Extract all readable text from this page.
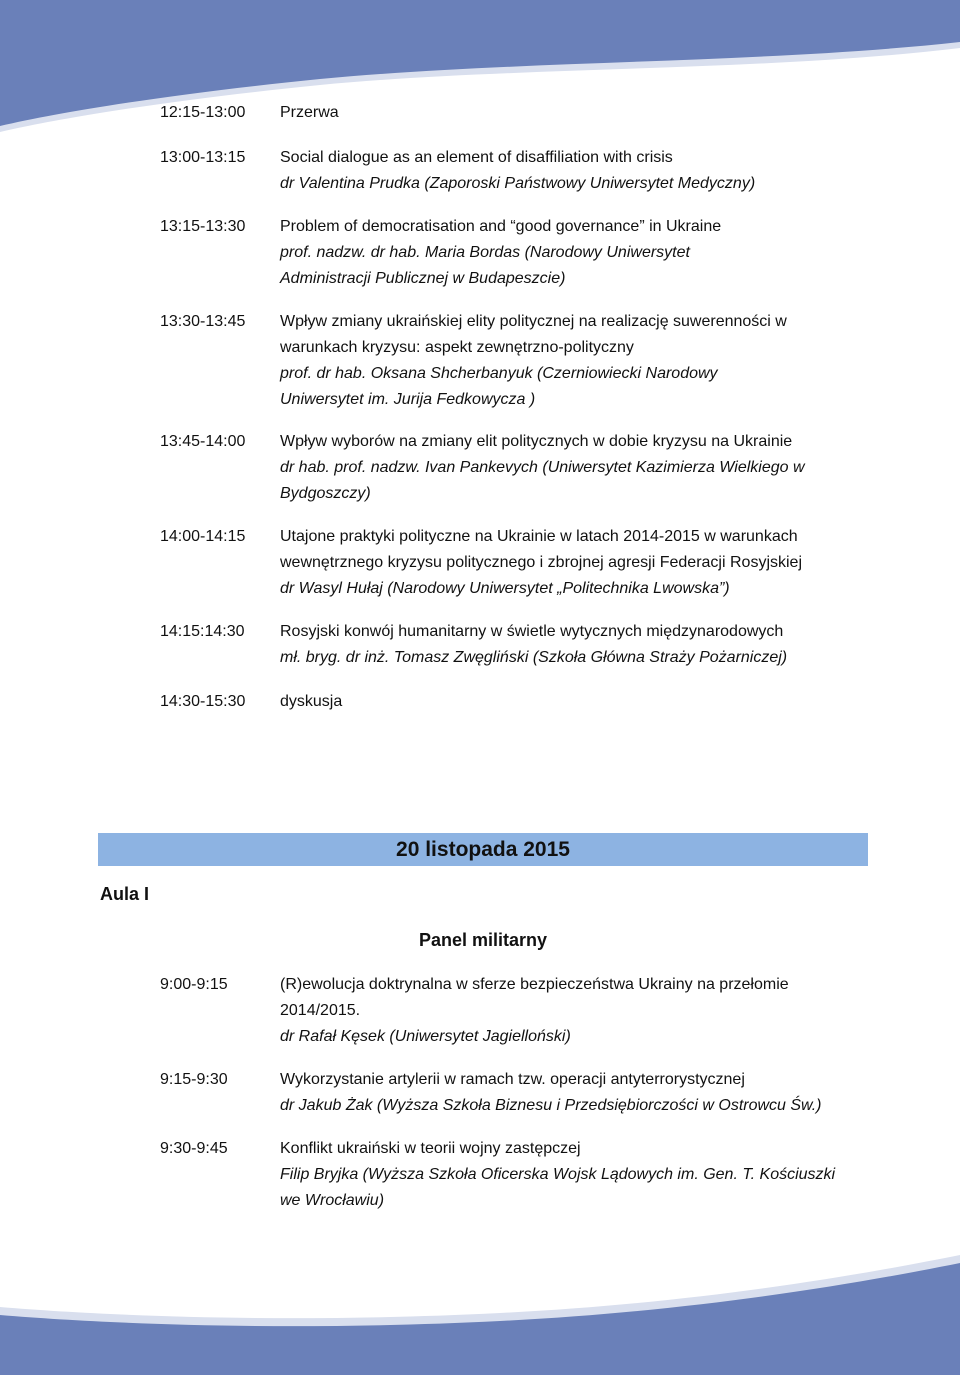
12:15-13:00	Przerwa
13:00-13:15	Social dialogue as an element of disaffiliation with crisis
dr Valentina Prudka (Zaporoski Państwowy Uniwersytet Medyczny)
13:15-13:30	Problem of democratisation and “good governance” in Ukraine
prof. nadzw. dr hab. Maria Bordas (Narodowy Uniwersytet
Administracji Publicznej w Budapeszcie)
13:30-13:45	Wpływ zmiany ukraińskiej elity politycznej na realizację suwerenności w
warunkach kryzysu: aspekt zewnętrzno-polityczny
prof. dr hab. Oksana Shcherbanyuk (Czerniowiecki Narodowy
Uniwersytet im. Jurija Fedkowycza )
13:45-14:00	Wpływ wyborów na zmiany elit politycznych w dobie kryzysu na Ukrainie
dr hab. prof. nadzw. Ivan Pankevych (Uniwersytet Kazimierza Wielkiego w
Bydgoszczy)
14:00-14:15	Utajone praktyki polityczne na Ukrainie w latach 2014-2015 w warunkach
wewnętrznego kryzysu politycznego i zbrojnej agresji Federacji Rosyjskiej
dr Wasyl Hułaj (Narodowy Uniwersytet „Politechnika Lwowska”)
14:15:14:30	Rosyjski konwój humanitarny w świetle wytycznych międzynarodowych
mł. bryg. dr inż. Tomasz Zwęgliński (Szkoła Główna Straży Pożarniczej)
14:30-15:30	dyskusja
20 listopada 2015
Aula I
Panel militarny
9:00-9:15	(R)ewolucja doktrynalna w sferze bezpieczeństwa Ukrainy na przełomie
2014/2015.
dr Rafał Kęsek (Uniwersytet Jagielloński)
9:15-9:30	Wykorzystanie artylerii w ramach tzw. operacji antyterrorystycznej
dr Jakub Żak (Wyższa Szkoła Biznesu i Przedsiębiorczości w Ostrowcu Św.)
9:30-9:45	Konflikt ukraiński w teorii wojny zastępczej
Filip Bryjka (Wyższa Szkoła Oficerska Wojsk Lądowych im. Gen. T. Kościuszki
we Wrocławiu)
